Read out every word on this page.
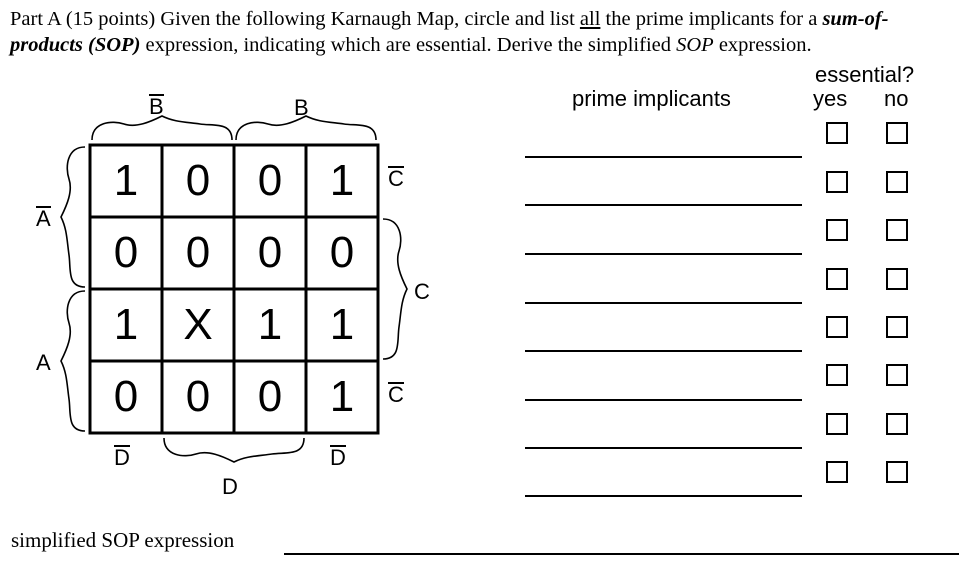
Part A (15 points) Given the following Karnaugh Map, circle and list all the prime implicants for a sum-of-products (SOP) expression, indicating which are essential. Derive the simplified SOP expression.
1	0	0	1
0	0	0	0
1	X	1	1
0	0	0	1
B	B
A
A
C
C
C
D	D
D
prime implicants
essential?
yes no
simplified SOP expression
